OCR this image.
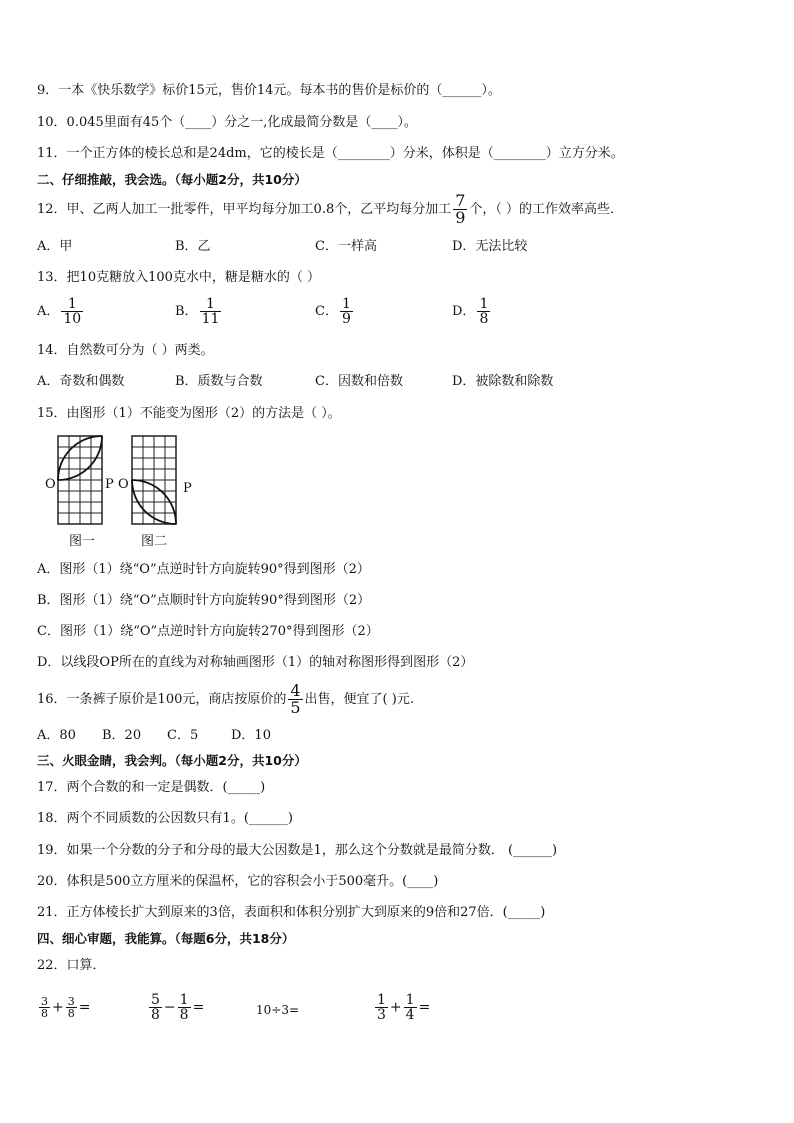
9．一本《快乐数学》标价15元，售价14元。每本书的售价是标价的（______）。
10．0.045里面有45个（____）分之一,化成最简分数是（____）。
11．一个正方体的棱长总和是24dm，它的棱长是（________）分米，体积是（________）立方分米。
二、仔细推敲，我会选。（每小题2分，共10分）
12．甲、乙两人加工一批零件，甲平均每分加工0.8个，乙平均每分加工 $\frac{7}{9}$ 个，（ ）的工作效率高些．
A．甲	B．乙	C．一样高	D．无法比较
13．把10克糖放入100克水中，糖是糖水的（ ）
A． $\frac{1}{10}$	B． $\frac{1}{11}$	C． $\frac{1}{9}$	D． $\frac{1}{8}$
14．自然数可分为（ ）两类。
A．奇数和偶数	B．质数与合数	C．因数和倍数	D．被除数和除数
15．由图形（1）不能变为图形（2）的方法是（ ）。
O	P O	P
图一	图二
A．图形（1）绕“O”点逆时针方向旋转90°得到图形（2）
B．图形（1）绕“O”点顺时针方向旋转90°得到图形（2）
C．图形（1）绕“O”点逆时针方向旋转270°得到图形（2）
D．以线段OP所在的直线为对称轴画图形（1）的轴对称图形得到图形（2）
16．一条裤子原价是100元，商店按原价的 $\frac{4}{5}$ 出售，便宜了( )元.
A．80 B．20 C．5	D．10
三、火眼金睛，我会判。（每小题2分，共10分）
17．两个合数的和一定是偶数．(_____)
18．两个不同质数的公因数只有1。(______)
19．如果一个分数的分子和分母的最大公因数是1，那么这个分数就是最简分数． (______)
20．体积是500立方厘米的保温杯，它的容积会小于500毫升。(____)
21．正方体棱长扩大到原来的3倍，表面积和体积分别扩大到原来的9倍和27倍．(_____)
四、细心审题，我能算。（每题6分，共18分）
22．口算．
$\frac{3}{8} + \frac{3}{8}$ =	$\frac{5}{8} - \frac{1}{8}$ =	10÷3=	$\frac{1}{3} + \frac{1}{4}$ =
